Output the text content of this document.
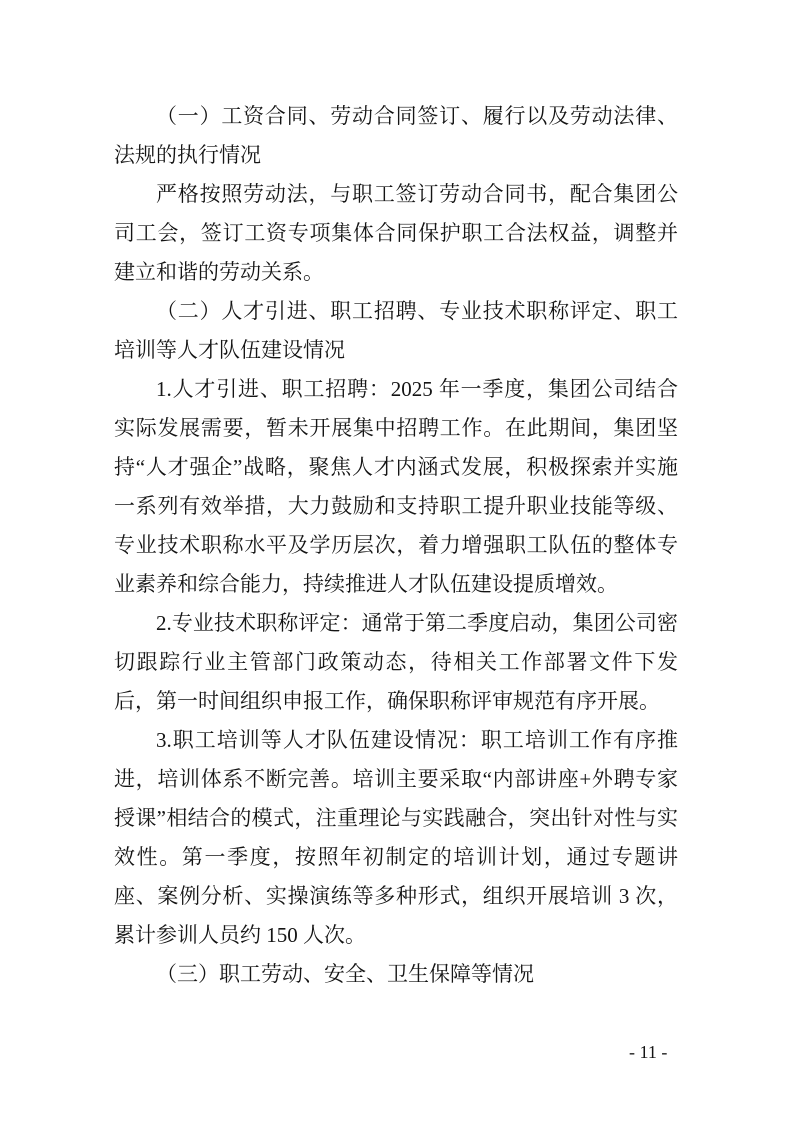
（一）工资合同、劳动合同签订、履行以及劳动法律、法规的执行情况

严格按照劳动法，与职工签订劳动合同书，配合集团公司工会，签订工资专项集体合同保护职工合法权益，调整并建立和谐的劳动关系。

（二）人才引进、职工招聘、专业技术职称评定、职工培训等人才队伍建设情况

1.人才引进、职工招聘：2025 年一季度，集团公司结合实际发展需要，暂未开展集中招聘工作。在此期间，集团坚持“人才强企”战略，聚焦人才内涵式发展，积极探索并实施一系列有效举措，大力鼓励和支持职工提升职业技能等级、专业技术职称水平及学历层次，着力增强职工队伍的整体专业素养和综合能力，持续推进人才队伍建设提质增效。

2.专业技术职称评定：通常于第二季度启动，集团公司密切跟踪行业主管部门政策动态，待相关工作部署文件下发后，第一时间组织申报工作，确保职称评审规范有序开展。

3.职工培训等人才队伍建设情况：职工培训工作有序推进，培训体系不断完善。培训主要采取“内部讲座+外聘专家授课”相结合的模式，注重理论与实践融合，突出针对性与实效性。第一季度，按照年初制定的培训计划，通过专题讲座、案例分析、实操演练等多种形式，组织开展培训 3 次，累计参训人员约 150 人次。

（三）职工劳动、安全、卫生保障等情况

- 11 -
